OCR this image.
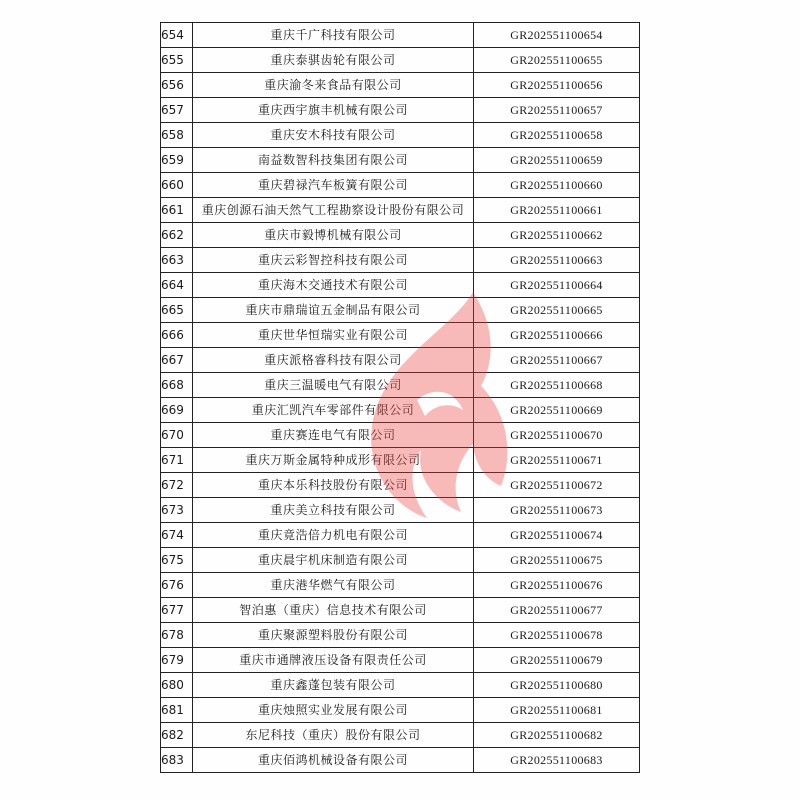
654	重庆千广科技有限公司	GR202551100654
655	重庆泰骐齿轮有限公司	GR202551100655
656	重庆渝冬来食品有限公司	GR202551100656
657	重庆西宇旗丰机械有限公司	GR202551100657
658	重庆安木科技有限公司	GR202551100658
659	南益数智科技集团有限公司	GR202551100659
660	重庆碧禄汽车板簧有限公司	GR202551100660
661	重庆创源石油天然气工程勘察设计股份有限公司	GR202551100661
662	重庆市毅博机械有限公司	GR202551100662
663	重庆云彩智控科技有限公司	GR202551100663
664	重庆海木交通技术有限公司	GR202551100664
665	重庆市鼎瑞谊五金制品有限公司	GR202551100665
666	重庆世华恒瑞实业有限公司	GR202551100666
667	重庆派格睿科技有限公司	GR202551100667
668	重庆三温暖电气有限公司	GR202551100668
669	重庆汇凯汽车零部件有限公司	GR202551100669
670	重庆赛连电气有限公司	GR202551100670
671	重庆万斯金属特种成形有限公司	GR202551100671
672	重庆本乐科技股份有限公司	GR202551100672
673	重庆美立科技有限公司	GR202551100673
674	重庆竟浩倍力机电有限公司	GR202551100674
675	重庆晨宇机床制造有限公司	GR202551100675
676	重庆港华燃气有限公司	GR202551100676
677	智泊惠（重庆）信息技术有限公司	GR202551100677
678	重庆聚源塑料股份有限公司	GR202551100678
679	重庆市通牌液压设备有限责任公司	GR202551100679
680	重庆鑫蓬包装有限公司	GR202551100680
681	重庆烛照实业发展有限公司	GR202551100681
682	东尼科技（重庆）股份有限公司	GR202551100682
683	重庆佰鸿机械设备有限公司	GR202551100683
